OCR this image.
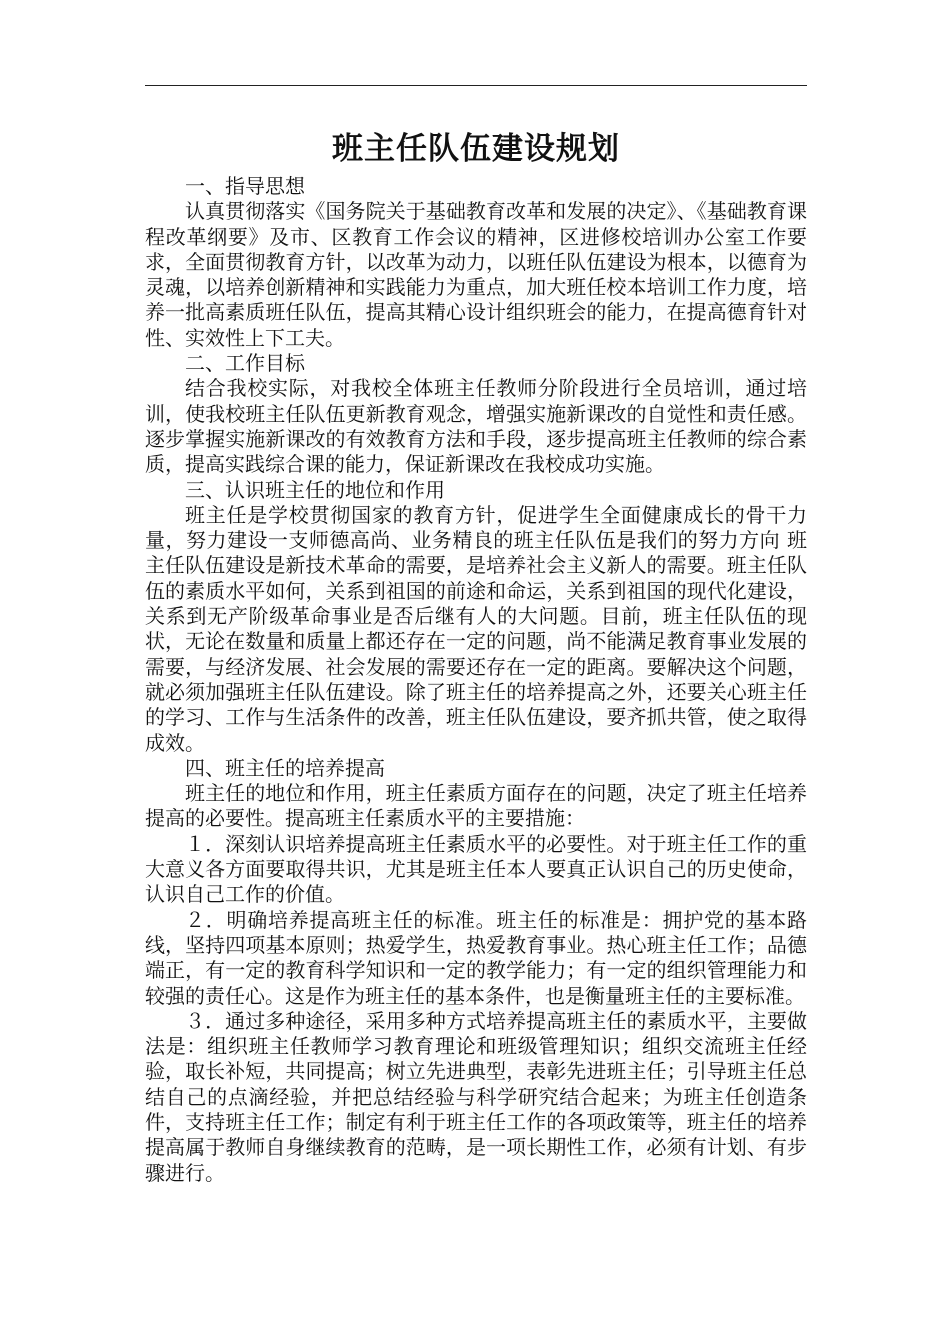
班主任队伍建设规划

一、指导思想

认真贯彻落实《国务院关于基础教育改革和发展的决定》、《基础教育课程改革纲要》及市、区教育工作会议的精神，区进修校培训办公室工作要求，全面贯彻教育方针，以改革为动力，以班任队伍建设为根本，以德育为灵魂，以培养创新精神和实践能力为重点，加大班任校本培训工作力度，培养一批高素质班任队伍，提高其精心设计组织班会的能力，在提高德育针对性、实效性上下工夫。

二、工作目标

结合我校实际，对我校全体班主任教师分阶段进行全员培训，通过培训，使我校班主任队伍更新教育观念，增强实施新课改的自觉性和责任感。逐步掌握实施新课改的有效教育方法和手段，逐步提高班主任教师的综合素质，提高实践综合课的能力，保证新课改在我校成功实施。

三、认识班主任的地位和作用

班主任是学校贯彻国家的教育方针，促进学生全面健康成长的骨干力量，努力建设一支师德高尚、业务精良的班主任队伍是我们的努力方向 班主任队伍建设是新技术革命的需要，是培养社会主义新人的需要。班主任队伍的素质水平如何，关系到祖国的前途和命运，关系到祖国的现代化建设，关系到无产阶级革命事业是否后继有人的大问题。目前，班主任队伍的现状，无论在数量和质量上都还存在一定的问题，尚不能满足教育事业发展的需要，与经济发展、社会发展的需要还存在一定的距离。要解决这个问题，就必须加强班主任队伍建设。除了班主任的培养提高之外，还要关心班主任的学习、工作与生活条件的改善，班主任队伍建设，要齐抓共管，使之取得成效。

四、班主任的培养提高

班主任的地位和作用，班主任素质方面存在的问题，决定了班主任培养提高的必要性。提高班主任素质水平的主要措施：

１．深刻认识培养提高班主任素质水平的必要性。对于班主任工作的重大意义各方面要取得共识，尤其是班主任本人要真正认识自己的历史使命，认识自己工作的价值。

２．明确培养提高班主任的标准。班主任的标准是：拥护党的基本路线，坚持四项基本原则；热爱学生，热爱教育事业。热心班主任工作；品德端正，有一定的教育科学知识和一定的教学能力；有一定的组织管理能力和较强的责任心。这是作为班主任的基本条件，也是衡量班主任的主要标准。

３．通过多种途径，采用多种方式培养提高班主任的素质水平，主要做法是：组织班主任教师学习教育理论和班级管理知识；组织交流班主任经验，取长补短，共同提高；树立先进典型，表彰先进班主任；引导班主任总结自己的点滴经验，并把总结经验与科学研究结合起来；为班主任创造条件，支持班主任工作；制定有利于班主任工作的各项政策等，班主任的培养提高属于教师自身继续教育的范畴，是一项长期性工作，必须有计划、有步骤进行。
